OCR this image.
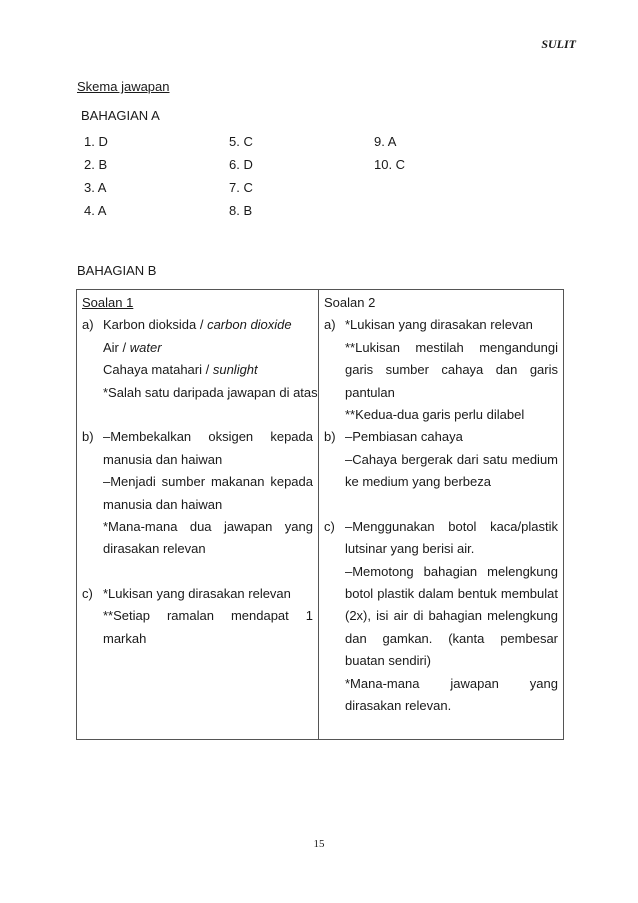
SULIT
Skema jawapan
BAHAGIAN A
1. D
2. B
3. A
4. A
5. C
6. D
7. C
8. B
9. A
10. C
BAHAGIAN B
Soalan 1
a) Karbon dioksida / carbon dioxide
Air / water
Cahaya matahari / sunlight
*Salah satu daripada jawapan di atas
b) –Membekalkan oksigen kepada
manusia dan haiwan
–Menjadi sumber makanan kepada
manusia dan haiwan
*Mana-mana dua jawapan yang
dirasakan relevan
c) *Lukisan yang dirasakan relevan
**Setiap ramalan mendapat 1
markah

Soalan 2
a) *Lukisan yang dirasakan relevan
**Lukisan mestilah mengandungi
garis sumber cahaya dan garis
pantulan
**Kedua-dua garis perlu dilabel
b) –Pembiasan cahaya
–Cahaya bergerak dari satu medium
ke medium yang berbeza
c) –Menggunakan botol kaca/plastik
lutsinar yang berisi air.
–Memotong bahagian melengkung
botol plastik dalam bentuk membulat
(2x), isi air di bahagian melengkung
dan gamkan. (kanta pembesar
buatan sendiri)
*Mana-mana jawapan yang
dirasakan relevan.
15
